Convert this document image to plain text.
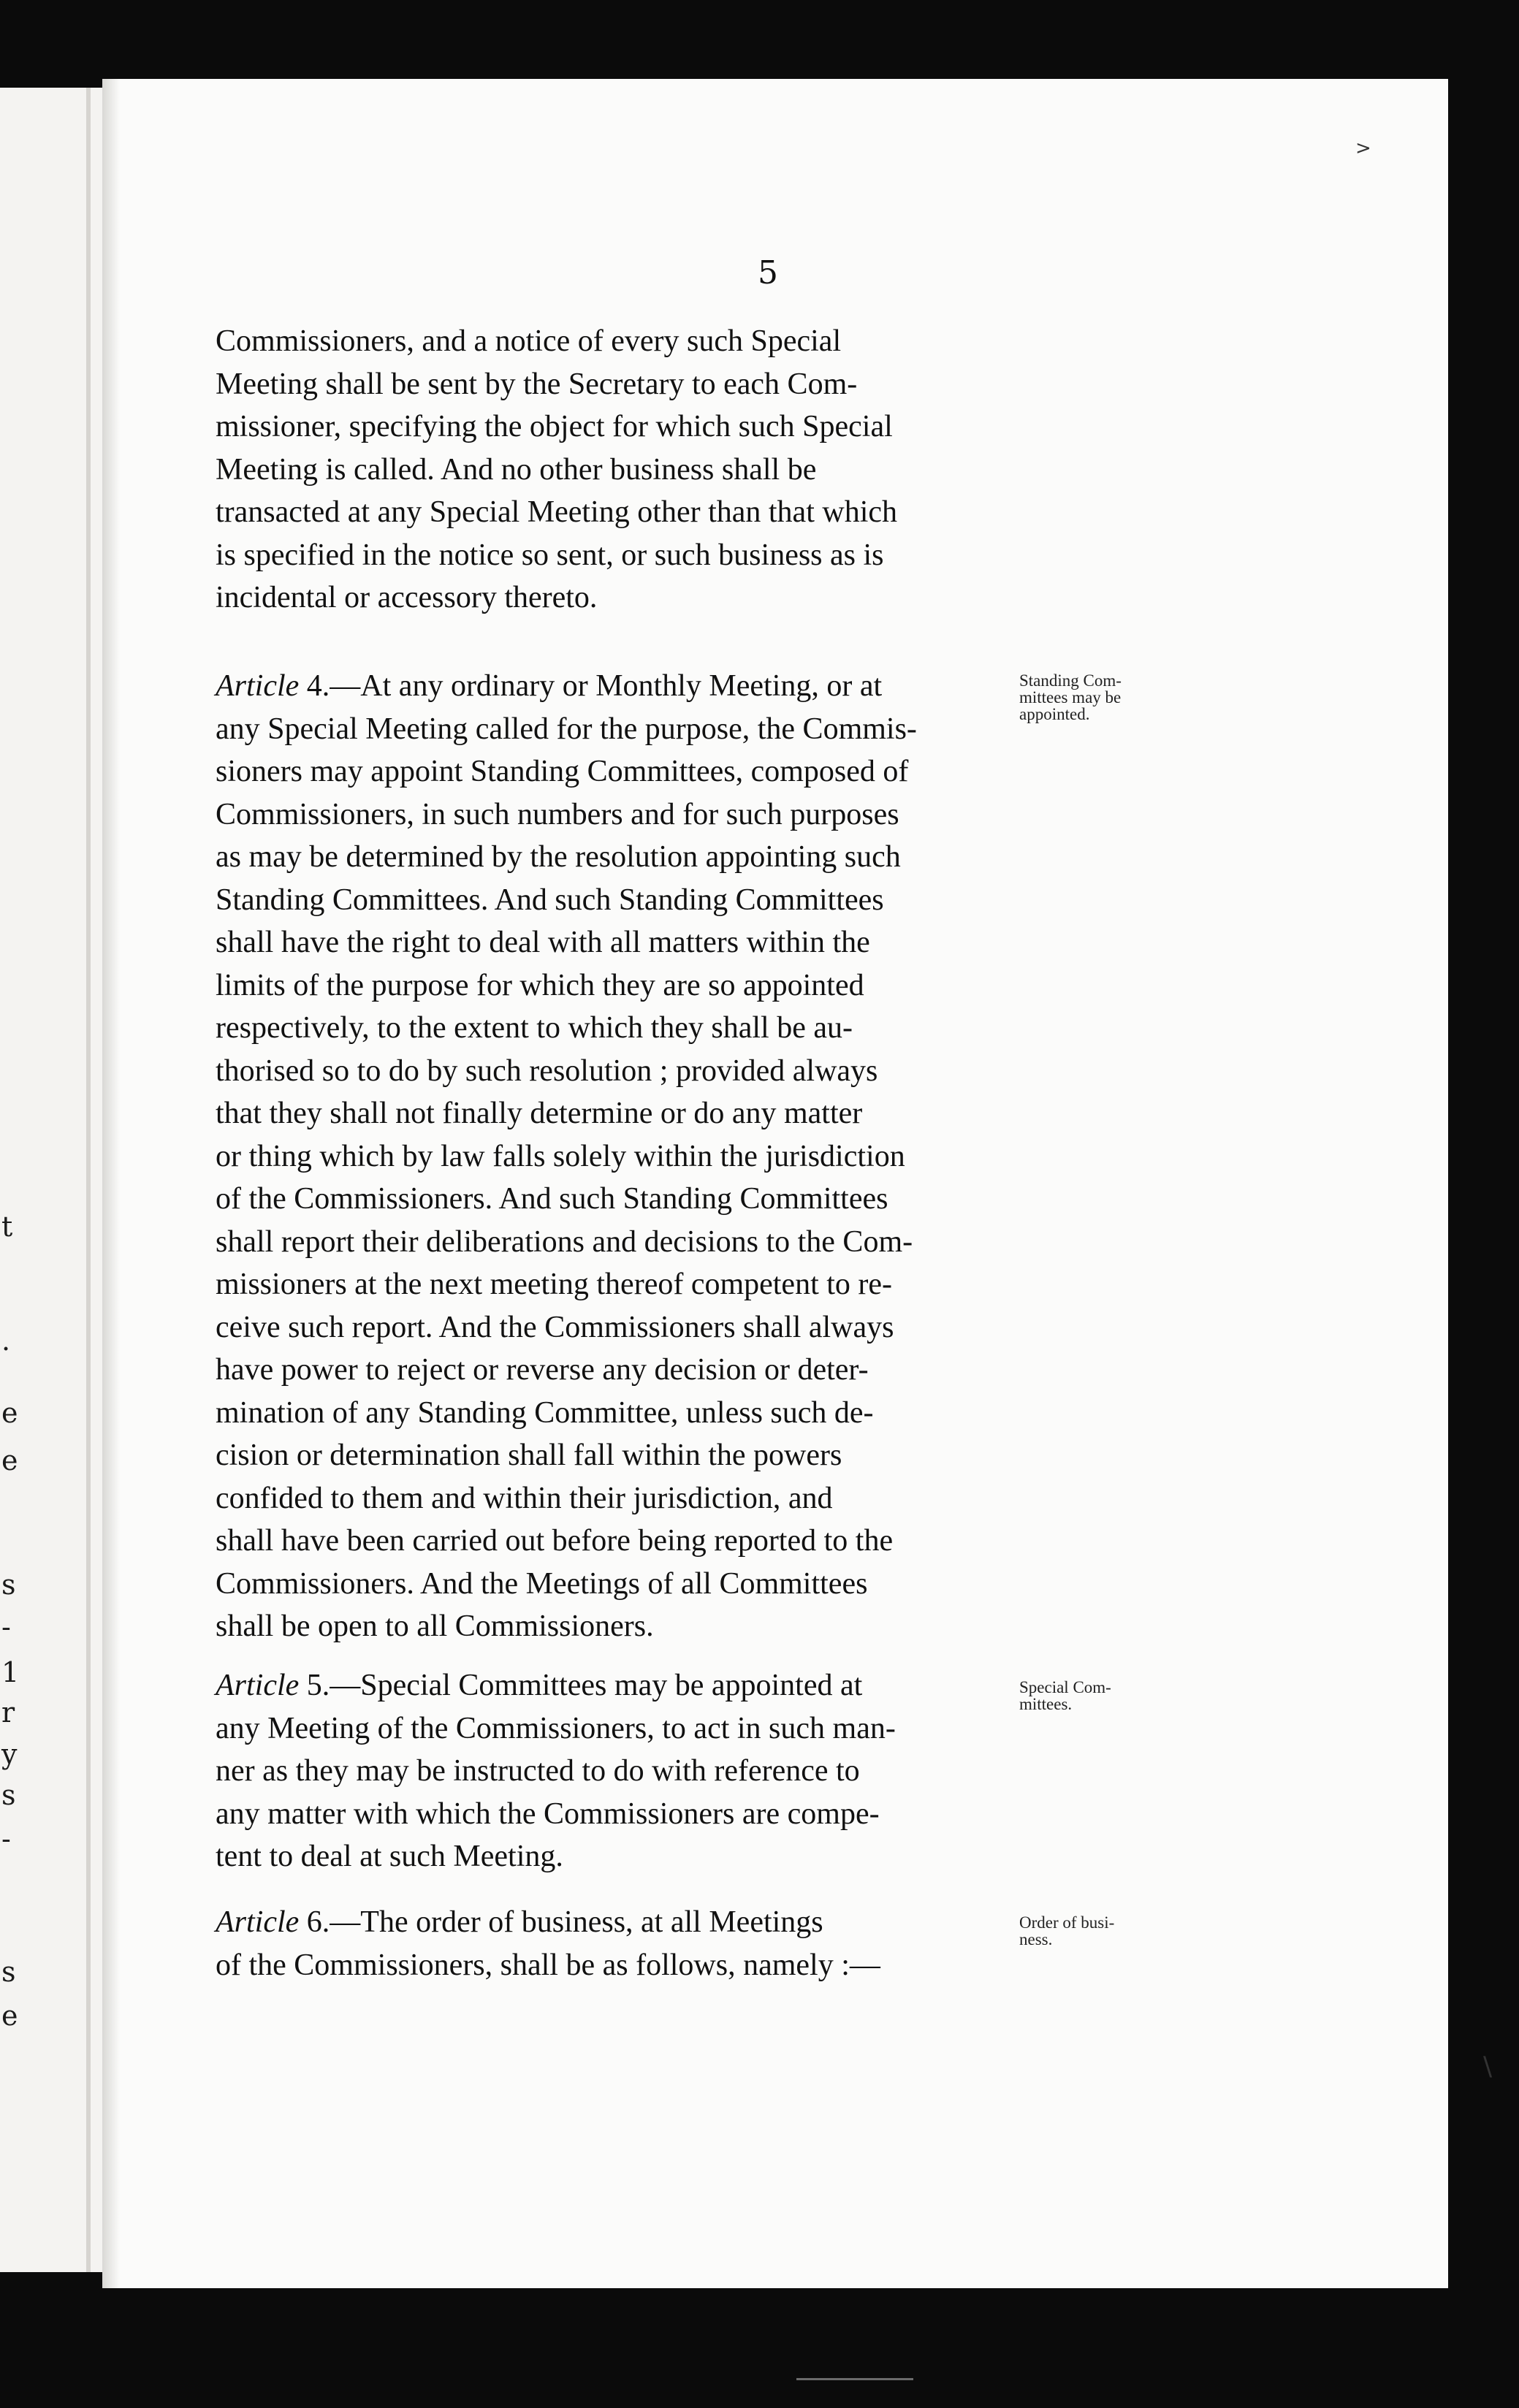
t
.
e
e
s
-
1
r
y
s
-
s
e
5

Commissioners, and a notice of every such Special
Meeting shall be sent by the Secretary to each Com-
missioner, specifying the object for which such Special
Meeting is called. And no other business shall be
transacted at any Special Meeting other than that which
is specified in the notice so sent, or such business as is
incidental or accessory thereto.

Article 4.—At any ordinary or Monthly Meeting, or at
any Special Meeting called for the purpose, the Commis-
sioners may appoint Standing Committees, composed of
Commissioners, in such numbers and for such purposes
as may be determined by the resolution appointing such
Standing Committees. And such Standing Committees
shall have the right to deal with all matters within the
limits of the purpose for which they are so appointed
respectively, to the extent to which they shall be au-
thorised so to do by such resolution ; provided always
that they shall not finally determine or do any matter
or thing which by law falls solely within the jurisdiction
of the Commissioners. And such Standing Committees
shall report their deliberations and decisions to the Com-
missioners at the next meeting thereof competent to re-
ceive such report. And the Commissioners shall always
have power to reject or reverse any decision or deter-
mination of any Standing Committee, unless such de-
cision or determination shall fall within the powers
confided to them and within their jurisdiction, and
shall have been carried out before being reported to the
Commissioners. And the Meetings of all Committees
shall be open to all Commissioners.

Article 5.—Special Committees may be appointed at
any Meeting of the Commissioners, to act in such man-
ner as they may be instructed to do with reference to
any matter with which the Commissioners are compe-
tent to deal at such Meeting.

Article 6.—The order of business, at all Meetings
of the Commissioners, shall be as follows, namely :—

Standing Com-
mittees may be
appointed.
Special Com-
mittees.
Order of busi-
ness.
>
\
